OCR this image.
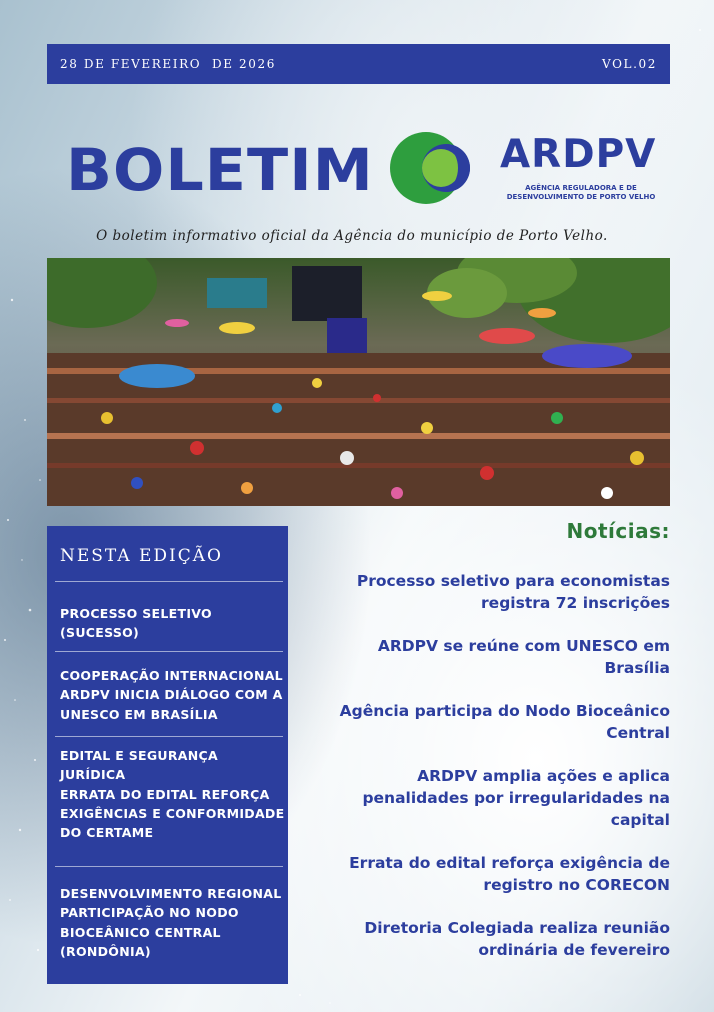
28 DE FEVEREIRO  DE 2026	VOL.02
BOLETIM	ARDPV
AGÊNCIA REGULADORA E DE
DESENVOLVIMENTO DE PORTO VELHO
O boletim informativo oficial da Agência do município de Porto Velho.
NESTA EDIÇÃO
PROCESSO SELETIVO
(SUCESSO)
COOPERAÇÃO INTERNACIONAL
ARDPV INICIA DIÁLOGO COM A UNESCO EM BRASÍLIA
EDITAL E SEGURANÇA JURÍDICA
ERRATA DO EDITAL REFORÇA EXIGÊNCIAS E CONFORMIDADE DO CERTAME
DESENVOLVIMENTO REGIONAL
PARTICIPAÇÃO NO NODO BIOCEÂNICO CENTRAL (RONDÔNIA)
Notícias:
Processo seletivo para economistas registra 72 inscrições
ARDPV se reúne com UNESCO em Brasília
Agência participa do Nodo Bioceânico Central
ARDPV amplia ações e aplica penalidades por irregularidades na capital
Errata do edital reforça exigência de registro no CORECON
Diretoria Colegiada realiza reunião ordinária de fevereiro
